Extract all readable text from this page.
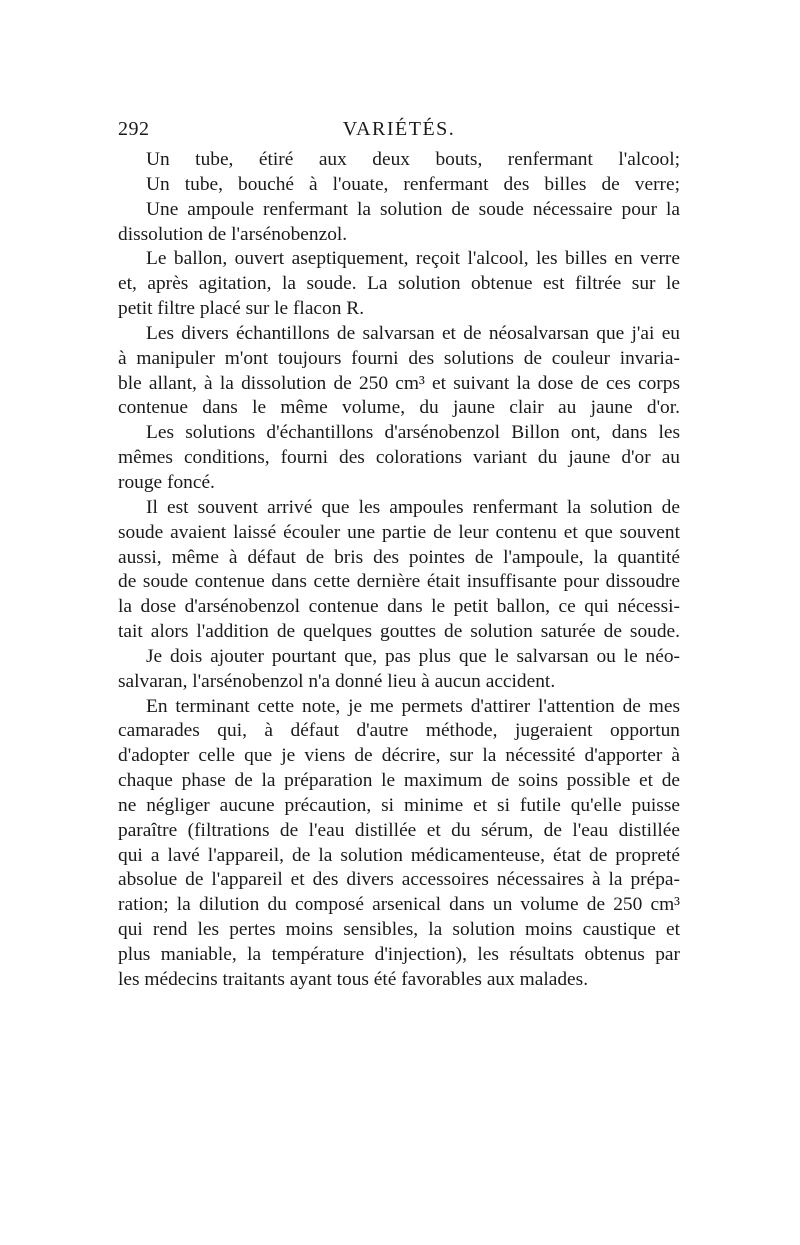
292	VARIÉTÉS.
Un tube, étiré aux deux bouts, renfermant l'alcool;
Un tube, bouché à l'ouate, renfermant des billes de verre;
Une ampoule renfermant la solution de soude nécessaire pour la
dissolution de l'arsénobenzol.
Le ballon, ouvert aseptiquement, reçoit l'alcool, les billes en verre
et, après agitation, la soude. La solution obtenue est filtrée sur le
petit filtre placé sur le flacon R.
Les divers échantillons de salvarsan et de néosalvarsan que j'ai eu
à manipuler m'ont toujours fourni des solutions de couleur invaria-
ble allant, à la dissolution de 250 cm³ et suivant la dose de ces corps
contenue dans le même volume, du jaune clair au jaune d'or.
Les solutions d'échantillons d'arsénobenzol Billon ont, dans les
mêmes conditions, fourni des colorations variant du jaune d'or au
rouge foncé.
Il est souvent arrivé que les ampoules renfermant la solution de
soude avaient laissé écouler une partie de leur contenu et que souvent
aussi, même à défaut de bris des pointes de l'ampoule, la quantité
de soude contenue dans cette dernière était insuffisante pour dissoudre
la dose d'arsénobenzol contenue dans le petit ballon, ce qui nécessi-
tait alors l'addition de quelques gouttes de solution saturée de soude.
Je dois ajouter pourtant que, pas plus que le salvarsan ou le néo-
salvaran, l'arsénobenzol n'a donné lieu à aucun accident.
En terminant cette note, je me permets d'attirer l'attention de mes
camarades qui, à défaut d'autre méthode, jugeraient opportun
d'adopter celle que je viens de décrire, sur la nécessité d'apporter à
chaque phase de la préparation le maximum de soins possible et de
ne négliger aucune précaution, si minime et si futile qu'elle puisse
paraître (filtrations de l'eau distillée et du sérum, de l'eau distillée
qui a lavé l'appareil, de la solution médicamenteuse, état de propreté
absolue de l'appareil et des divers accessoires nécessaires à la prépa-
ration; la dilution du composé arsenical dans un volume de 250 cm³
qui rend les pertes moins sensibles, la solution moins caustique et
plus maniable, la température d'injection), les résultats obtenus par
les médecins traitants ayant tous été favorables aux malades.
